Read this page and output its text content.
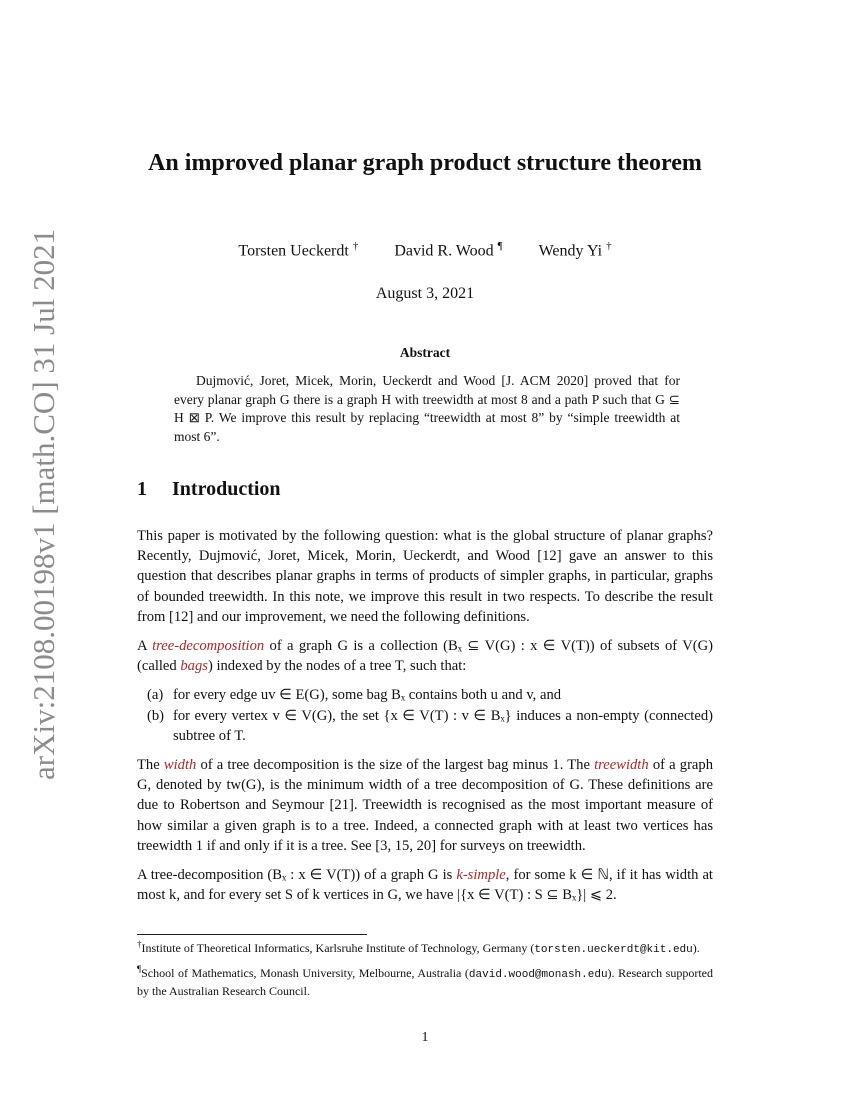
arXiv:2108.00198v1 [math.CO] 31 Jul 2021
An improved planar graph product structure theorem
Torsten Ueckerdt † David R. Wood ¶ Wendy Yi †
August 3, 2021
Abstract

Dujmović, Joret, Micek, Morin, Ueckerdt and Wood [J. ACM 2020] proved that for every planar graph G there is a graph H with treewidth at most 8 and a path P such that G ⊆ H ⊠ P. We improve this result by replacing “treewidth at most 8” by “simple treewidth at most 6”.

1 Introduction

This paper is motivated by the following question: what is the global structure of planar graphs? Recently, Dujmović, Joret, Micek, Morin, Ueckerdt, and Wood [12] gave an answer to this question that describes planar graphs in terms of products of simpler graphs, in particular, graphs of bounded treewidth. In this note, we improve this result in two respects. To describe the result from [12] and our improvement, we need the following definitions.

A tree-decomposition of a graph G is a collection (Bₓ ⊆ V(G) : x ∈ V(T)) of subsets of V(G) (called bags) indexed by the nodes of a tree T, such that:

(a) for every edge uv ∈ E(G), some bag Bₓ contains both u and v, and
(b) for every vertex v ∈ V(G), the set {x ∈ V(T) : v ∈ Bₓ} induces a non-empty (connected) subtree of T.

The width of a tree decomposition is the size of the largest bag minus 1. The treewidth of a graph G, denoted by tw(G), is the minimum width of a tree decomposition of G. These definitions are due to Robertson and Seymour [21]. Treewidth is recognised as the most important measure of how similar a given graph is to a tree. Indeed, a connected graph with at least two vertices has treewidth 1 if and only if it is a tree. See [3, 15, 20] for surveys on treewidth.

A tree-decomposition (Bₓ : x ∈ V(T)) of a graph G is k-simple, for some k ∈ ℕ, if it has width at most k, and for every set S of k vertices in G, we have |{x ∈ V(T) : S ⊆ Bₓ}| ⩽ 2.

†Institute of Theoretical Informatics, Karlsruhe Institute of Technology, Germany (torsten.ueckerdt@kit.edu).

¶School of Mathematics, Monash University, Melbourne, Australia (david.wood@monash.edu). Research supported by the Australian Research Council.

1
